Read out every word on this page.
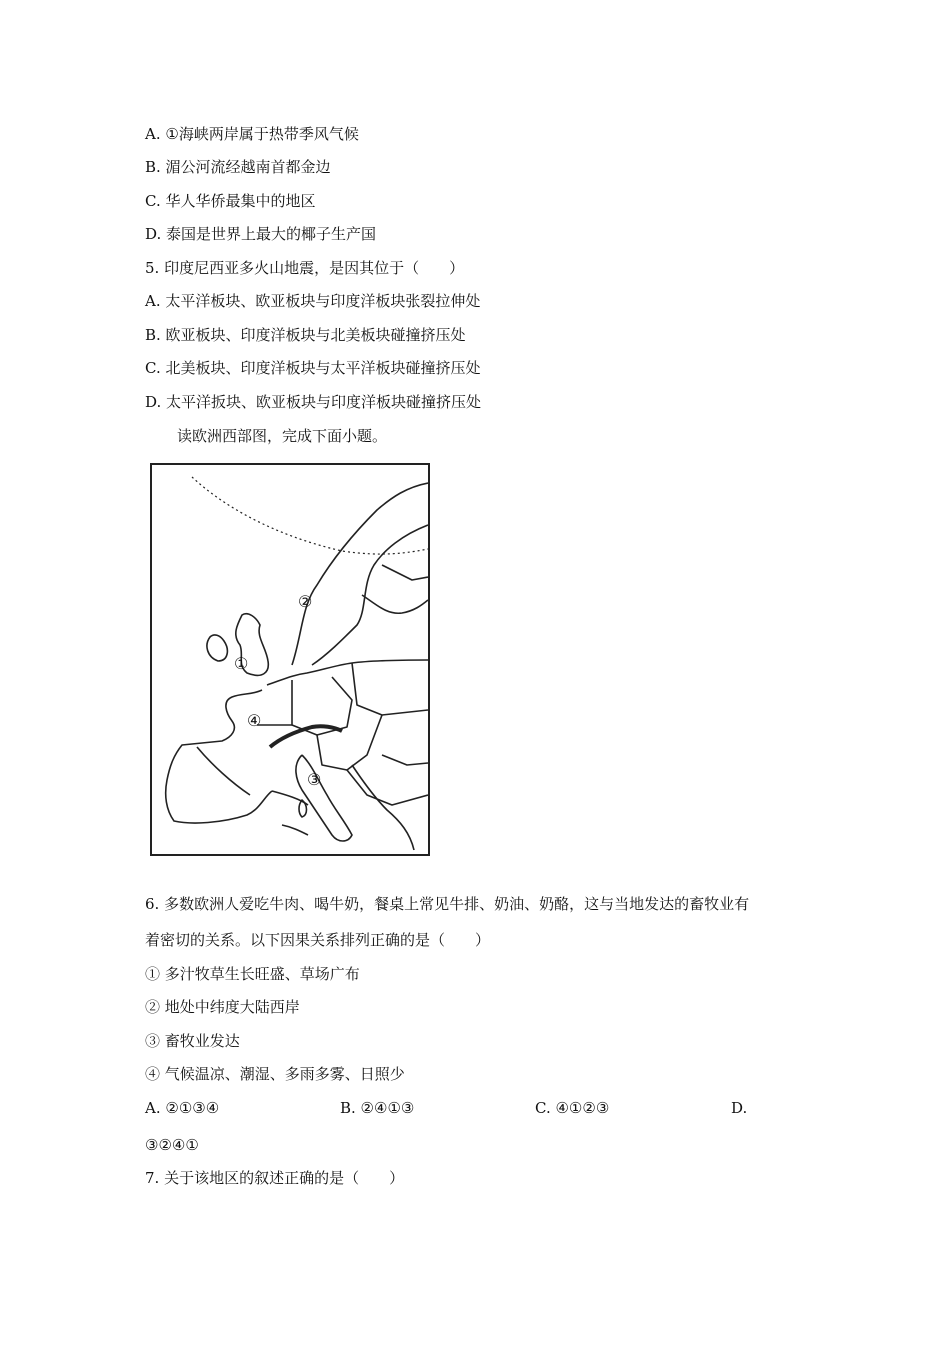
A. ①海峡两岸属于热带季风气候
B. 湄公河流经越南首都金边
C. 华人华侨最集中的地区
D. 泰国是世界上最大的椰子生产国
5. 印度尼西亚多火山地震，是因其位于（　　）
A. 太平洋板块、欧亚板块与印度洋板块张裂拉伸处
B. 欧亚板块、印度洋板块与北美板块碰撞挤压处
C. 北美板块、印度洋板块与太平洋板块碰撞挤压处
D. 太平洋扳块、欧亚板块与印度洋板块碰撞挤压处
读欧洲西部图，完成下面小题。
②
①
④
③
6. 多数欧洲人爱吃牛肉、喝牛奶，餐桌上常见牛排、奶油、奶酪，这与当地发达的畜牧业有
着密切的关系。以下因果关系排列正确的是（　　）
① 多汁牧草生长旺盛、草场广布
② 地处中纬度大陆西岸
③ 畜牧业发达
④ 气候温凉、潮湿、多雨多雾、日照少
A. ②①③④	B. ②④①③	C. ④①②③	D.
③②④①
7. 关于该地区的叙述正确的是（　　）
